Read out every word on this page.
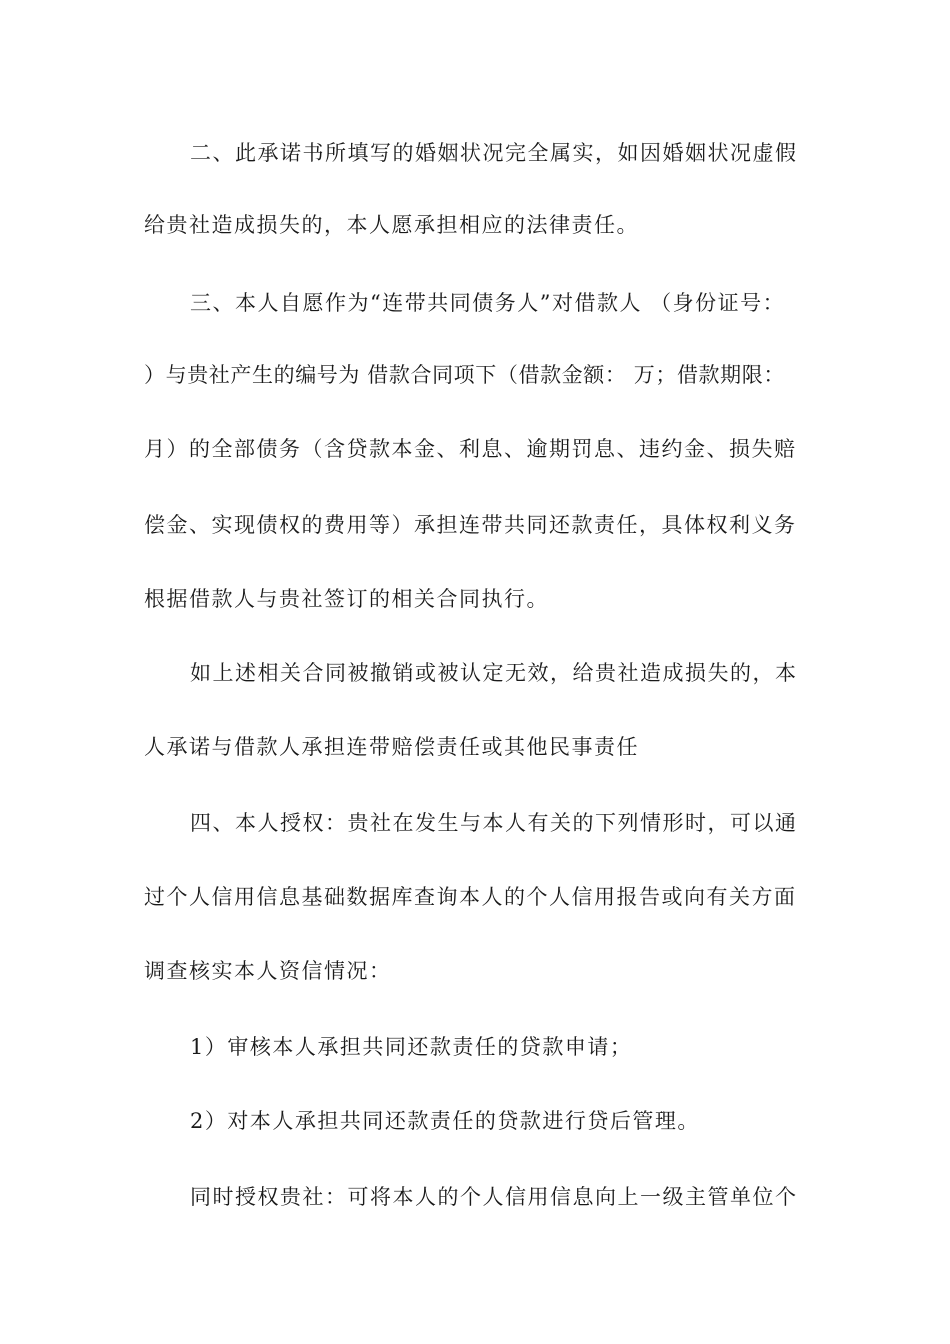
二、此承诺书所填写的婚姻状况完全属实，如因婚姻状况虚假
给贵社造成损失的，本人愿承担相应的法律责任。
三、本人自愿作为“连带共同债务人”对借款人 （身份证号：
）与贵社产生的编号为 借款合同项下（借款金额： 万；借款期限：
月）的全部债务（含贷款本金、利息、逾期罚息、违约金、损失赔
偿金、实现债权的费用等）承担连带共同还款责任，具体权利义务
根据借款人与贵社签订的相关合同执行。
如上述相关合同被撤销或被认定无效，给贵社造成损失的，本
人承诺与借款人承担连带赔偿责任或其他民事责任
四、本人授权：贵社在发生与本人有关的下列情形时，可以通
过个人信用信息基础数据库查询本人的个人信用报告或向有关方面
调查核实本人资信情况：
1）审核本人承担共同还款责任的贷款申请；
2）对本人承担共同还款责任的贷款进行贷后管理。
同时授权贵社：可将本人的个人信用信息向上一级主管单位个
